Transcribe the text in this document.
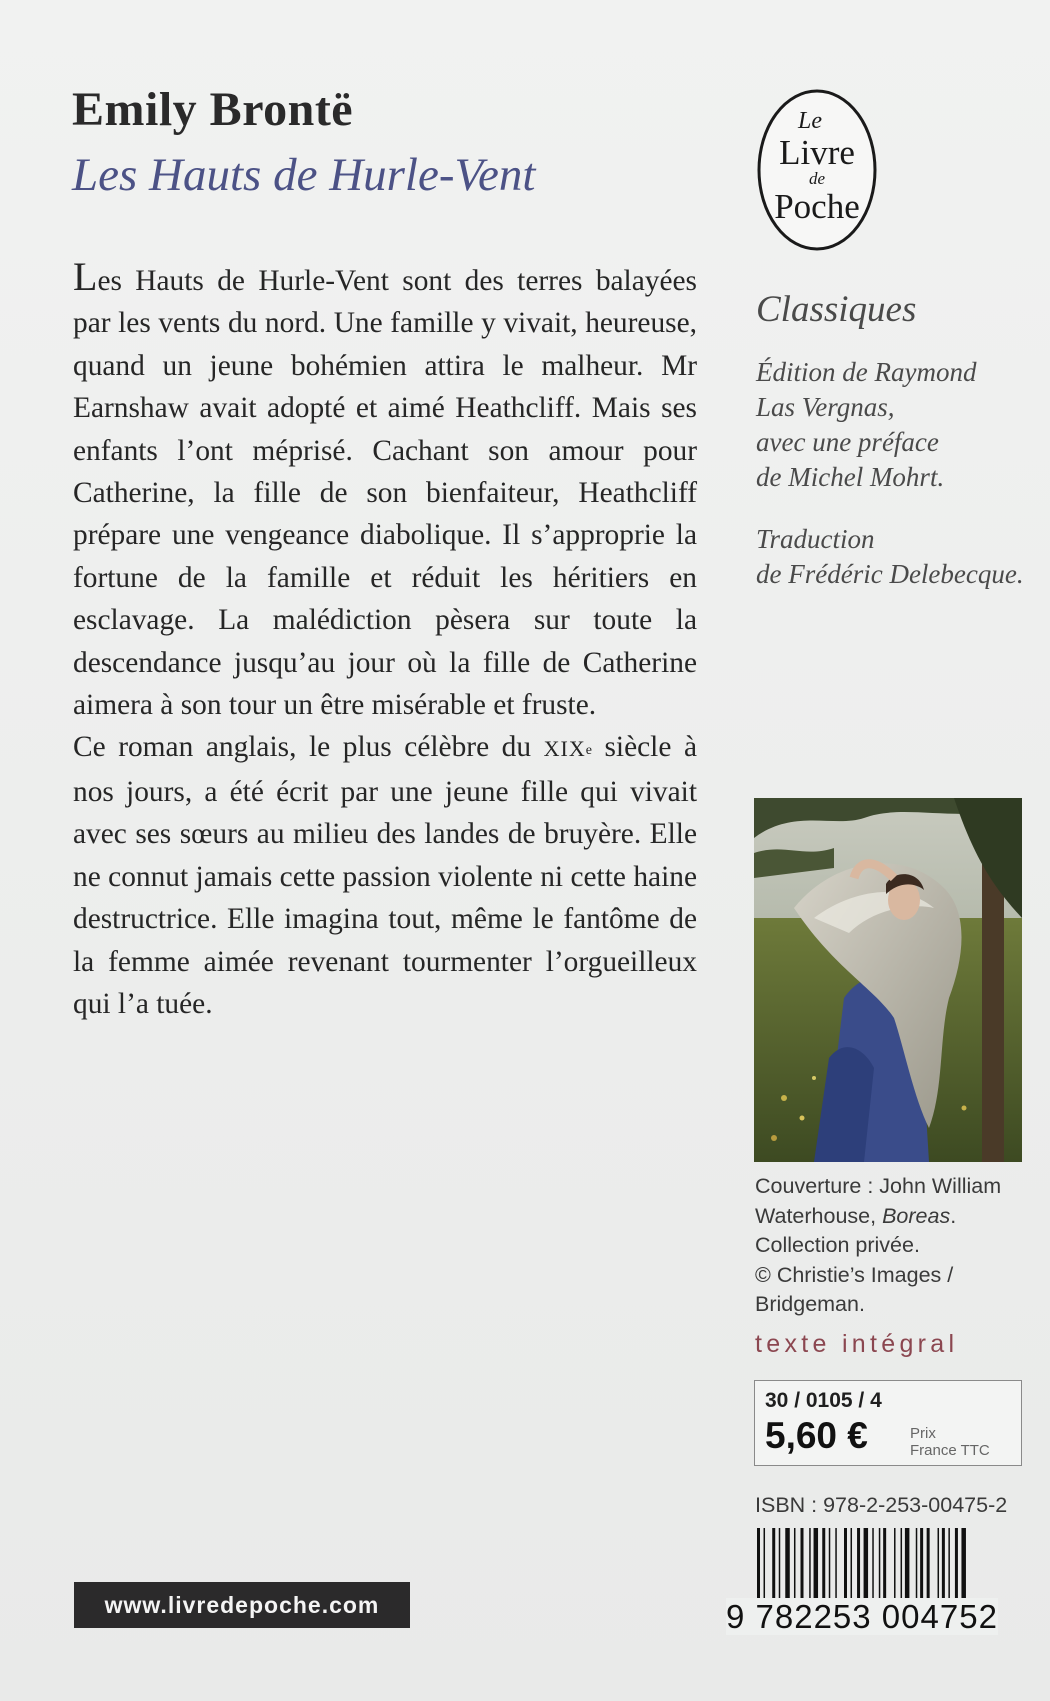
Emily Brontë
Les Hauts de Hurle-Vent

Les Hauts de Hurle-Vent sont des terres balayées par les vents du nord. Une famille y vivait, heureuse, quand un jeune bohémien attira le malheur. Mr Earnshaw avait adopté et aimé Heathcliff. Mais ses enfants l’ont méprisé. Cachant son amour pour Catherine, la fille de son bienfaiteur, Heathcliff prépare une vengeance diabolique. Il s’approprie la fortune de la famille et réduit les héritiers en esclavage. La malédiction pèsera sur toute la descendance jusqu’au jour où la fille de Catherine aimera à son tour un être misérable et fruste.

Ce roman anglais, le plus célèbre du XIXe siècle à nos jours, a été écrit par une jeune fille qui vivait avec ses sœurs au milieu des landes de bruyère. Elle ne connut jamais cette passion violente ni cette haine destructrice. Elle imagina tout, même le fantôme de la femme aimée revenant tourmenter l’orgueilleux qui l’a tuée.

Le
Livre
de
Poche
Classiques
Édition de Raymond
Las Vergnas,
avec une préface
de Michel Mohrt.
Traduction
de Frédéric Delebecque.
Couverture : John William
Waterhouse, Boreas.
Collection privée.
© Christie’s Images /
Bridgeman.
texte intégral
30 / 0105 / 4
5,60 €	Prix
France TTC
ISBN : 978-2-253-00475-2
9 782253 004752
www.livredepoche.com
